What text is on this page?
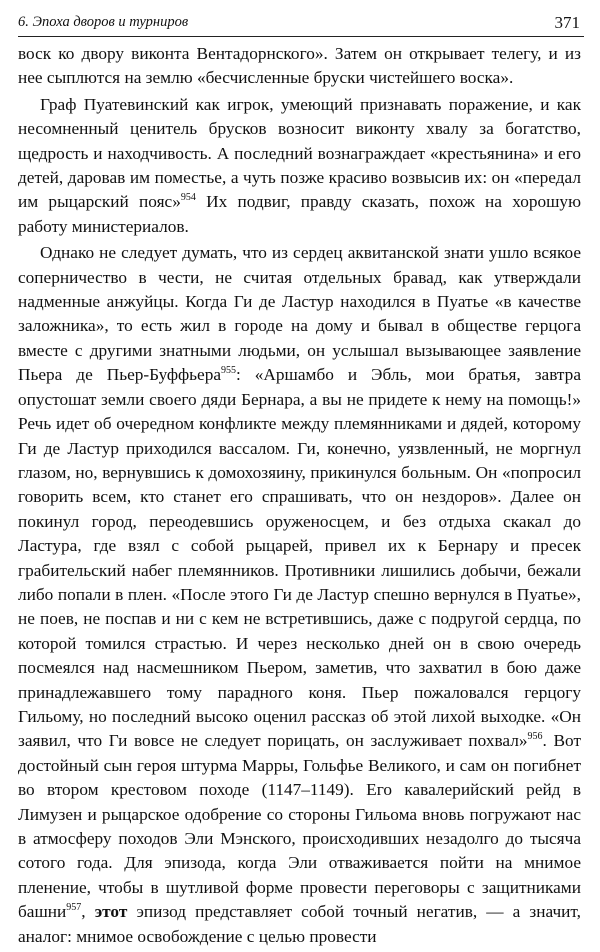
6. Эпоха дворов и турниров	371

воск ко двору виконта Вентадорнского». Затем он открывает телегу, и из нее сыплются на землю «бесчисленные бруски чистейшего воска».

Граф Пуатевинский как игрок, умеющий признавать поражение, и как несомненный ценитель брусков возносит виконту хвалу за богатство, щедрость и находчивость. А последний вознаграждает «крестьянина» и его детей, даровав им поместье, а чуть позже красиво возвысив их: он «передал им рыцарский пояс»$^{954}$ Их подвиг, правду сказать, похож на хорошую работу министериалов.

Однако не следует думать, что из сердец аквитанской знати ушло всякое соперничество в чести, не считая отдельных бравад, как утверждали надменные анжуйцы. Когда Ги де Ластур находился в Пуатье «в качестве заложника», то есть жил в городе на дому и бывал в обществе герцога вместе с другими знатными людьми, он услышал вызывающее заявление Пьера де Пьер-Буффьера$^{955}$: «Аршамбо и Эбль, мои братья, завтра опустошат земли своего дяди Бернара, а вы не придете к нему на помощь!» Речь идет об очередном конфликте между племянниками и дядей, которому Ги де Ластур приходился вассалом. Ги, конечно, уязвленный, не моргнул глазом, но, вернувшись к домохозяину, прикинулся больным. Он «попросил говорить всем, кто станет его спрашивать, что он нездоров». Далее он покинул город, переодевшись оруженосцем, и без отдыха скакал до Ластура, где взял с собой рыцарей, привел их к Бернару и пресек грабительский набег племянников. Противники лишились добычи, бежали либо попали в плен. «После этого Ги де Ластур спешно вернулся в Пуатье», не поев, не поспав и ни с кем не встретившись, даже с подругой сердца, по которой томился страстью. И через несколько дней он в свою очередь посмеялся над насмешником Пьером, заметив, что захватил в бою даже принадлежавшего тому парадного коня. Пьер пожаловался герцогу Гильому, но последний высоко оценил рассказ об этой лихой выходке. «Он заявил, что Ги вовсе не следует порицать, он заслуживает похвал»$^{956}$. Вот достойный сын героя штурма Марры, Гольфье Великого, и сам он погибнет во втором крестовом походе (1147–1149). Его кавалерийский рейд в Лимузен и рыцарское одобрение со стороны Гильома вновь погружают нас в атмосферу походов Эли Мэнского, происходивших незадолго до тысяча сотого года. Для эпизода, когда Эли отваживается пойти на мнимое пленение, чтобы в шутливой форме провести переговоры с защитниками башни$^{957}$, этот эпизод представляет собой точный негатив, — а значит, аналог: мнимое освобождение с целью провести
